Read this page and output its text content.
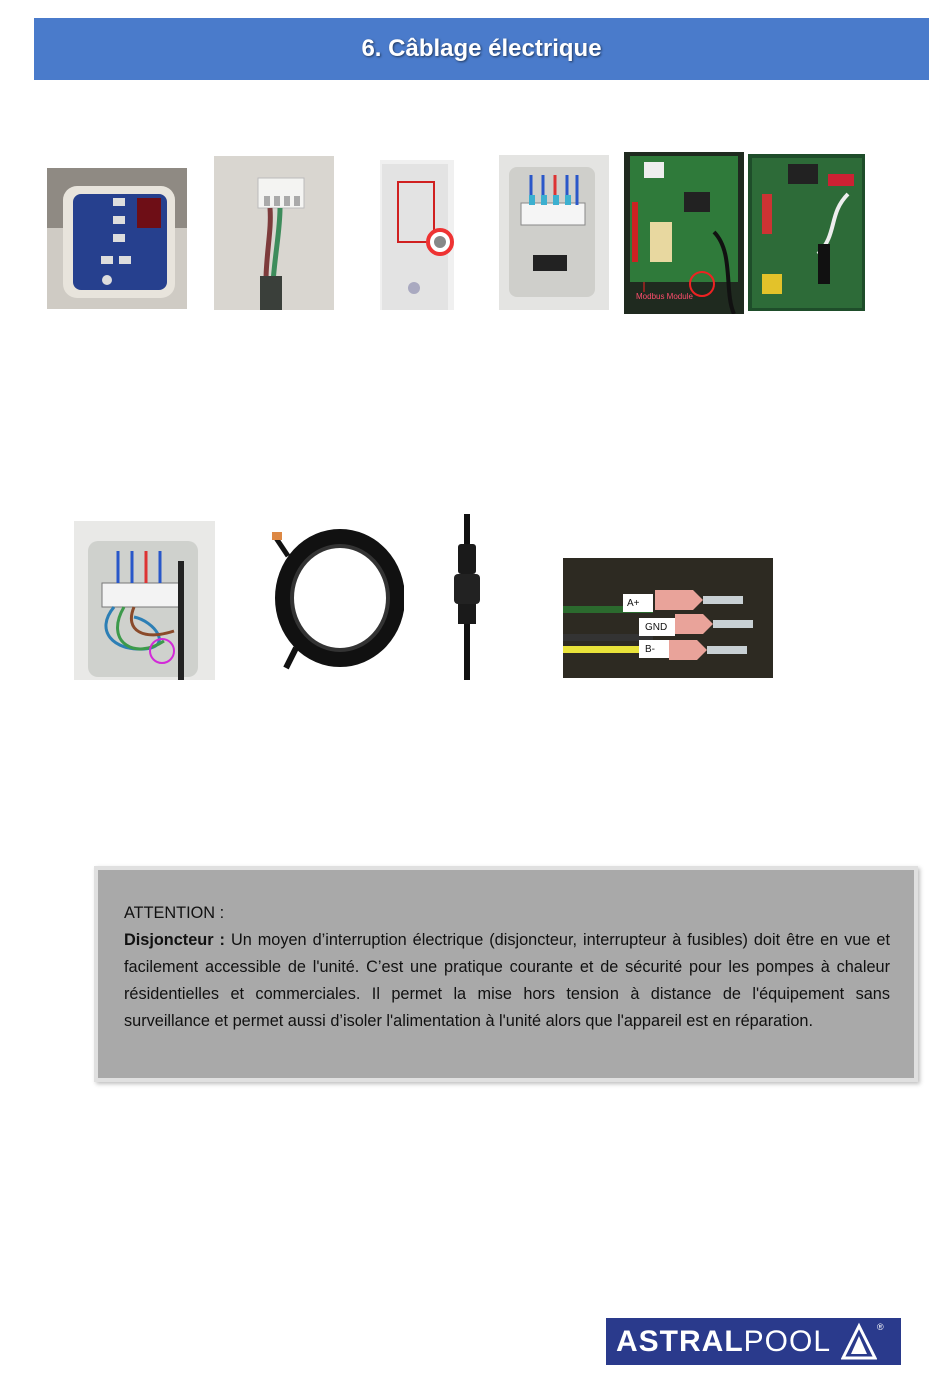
6. Câblage électrique
Modbus Module
A+
GND
B-
ATTENTION :

Disjoncteur : Un moyen d’interruption électrique (disjoncteur, interrupteur à fusibles) doit être en vue et facilement accessible de l'unité. C’est une pratique courante et de sécurité pour les pompes à chaleur résidentielles et commerciales. Il permet la mise hors tension à distance de l'équipement sans surveillance et permet aussi d’isoler l'alimentation à l'unité alors que l'appareil est en réparation.

ASTRALPOOL	®
